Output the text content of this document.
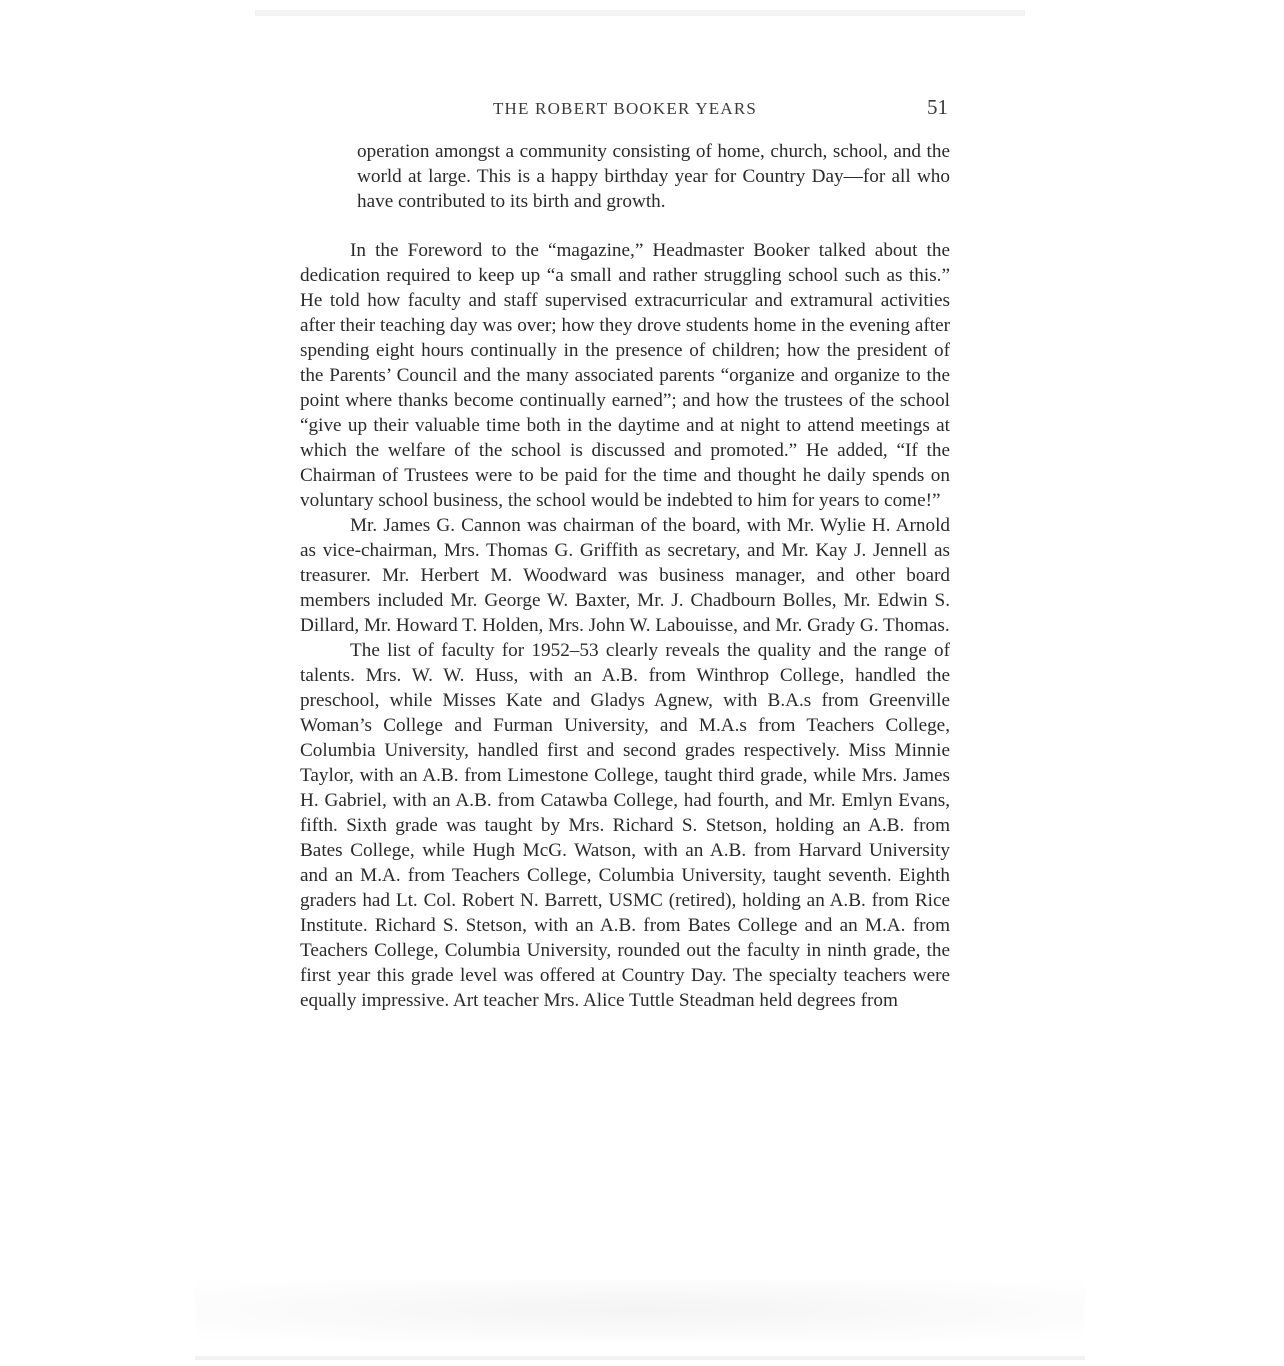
THE ROBERT BOOKER YEARS	51

operation amongst a community consisting of home, church, school, and the world at large. This is a happy birthday year for Country Day—for all who have contributed to its birth and growth.

In the Foreword to the “magazine,” Headmaster Booker talked about the dedication required to keep up “a small and rather struggling school such as this.” He told how faculty and staff supervised extracurricular and extramural activities after their teaching day was over; how they drove students home in the evening after spending eight hours continually in the presence of children; how the president of the Parents’ Council and the many associated parents “organize and organize to the point where thanks become continually earned”; and how the trustees of the school “give up their valuable time both in the daytime and at night to attend meetings at which the welfare of the school is discussed and promoted.” He added, “If the Chairman of Trustees were to be paid for the time and thought he daily spends on voluntary school business, the school would be indebted to him for years to come!”

Mr. James G. Cannon was chairman of the board, with Mr. Wylie H. Arnold as vice-chairman, Mrs. Thomas G. Griffith as secretary, and Mr. Kay J. Jennell as treasurer. Mr. Herbert M. Woodward was business manager, and other board members included Mr. George W. Baxter, Mr. J. Chadbourn Bolles, Mr. Edwin S. Dillard, Mr. Howard T. Holden, Mrs. John W. Labouisse, and Mr. Grady G. Thomas.

The list of faculty for 1952–53 clearly reveals the quality and the range of talents. Mrs. W. W. Huss, with an A.B. from Winthrop College, handled the preschool, while Misses Kate and Gladys Agnew, with B.A.s from Greenville Woman’s College and Furman University, and M.A.s from Teachers College, Columbia University, handled first and second grades respectively. Miss Minnie Taylor, with an A.B. from Limestone College, taught third grade, while Mrs. James H. Gabriel, with an A.B. from Catawba College, had fourth, and Mr. Emlyn Evans, fifth. Sixth grade was taught by Mrs. Richard S. Stetson, holding an A.B. from Bates College, while Hugh McG. Watson, with an A.B. from Harvard University and an M.A. from Teachers College, Columbia University, taught seventh. Eighth graders had Lt. Col. Robert N. Barrett, USMC (retired), holding an A.B. from Rice Institute. Richard S. Stetson, with an A.B. from Bates College and an M.A. from Teachers College, Columbia University, rounded out the faculty in ninth grade, the first year this grade level was offered at Country Day. The specialty teachers were equally impressive. Art teacher Mrs. Alice Tuttle Steadman held degrees from
